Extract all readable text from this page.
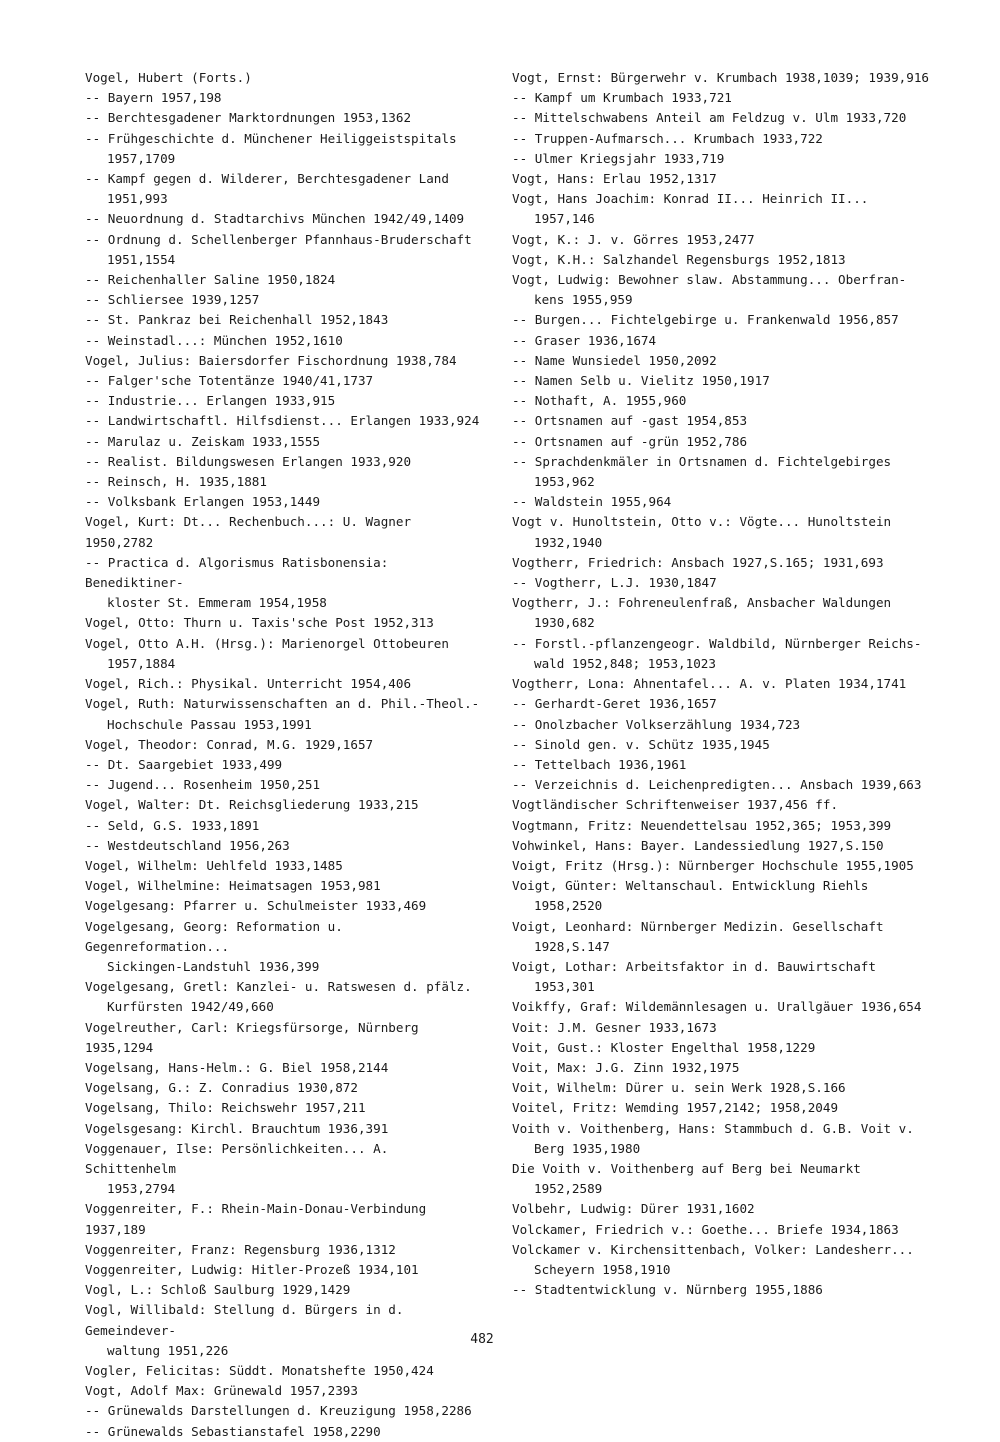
Vogel, Hubert (Forts.)
-- Bayern 1957,198
-- Berchtesgadener Marktordnungen 1953,1362
-- Frühgeschichte d. Münchener Heiliggeistspitals
1957,1709
-- Kampf gegen d. Wilderer, Berchtesgadener Land
1951,993
-- Neuordnung d. Stadtarchivs München 1942/49,1409
-- Ordnung d. Schellenberger Pfannhaus-Bruderschaft
1951,1554
-- Reichenhaller Saline 1950,1824
-- Schliersee 1939,1257
-- St. Pankraz bei Reichenhall 1952,1843
-- Weinstadl...: München 1952,1610
Vogel, Julius: Baiersdorfer Fischordnung 1938,784
-- Falger'sche Totentänze 1940/41,1737
-- Industrie... Erlangen 1933,915
-- Landwirtschaftl. Hilfsdienst... Erlangen 1933,924
-- Marulaz u. Zeiskam 1933,1555
-- Realist. Bildungswesen Erlangen 1933,920
-- Reinsch, H. 1935,1881
-- Volksbank Erlangen 1953,1449
Vogel, Kurt: Dt... Rechenbuch...: U. Wagner 1950,2782
-- Practica d. Algorismus Ratisbonensia: Benediktiner-
kloster St. Emmeram 1954,1958
Vogel, Otto: Thurn u. Taxis'sche Post 1952,313
Vogel, Otto A.H. (Hrsg.): Marienorgel Ottobeuren
1957,1884
Vogel, Rich.: Physikal. Unterricht 1954,406
Vogel, Ruth: Naturwissenschaften an d. Phil.-Theol.-
Hochschule Passau 1953,1991
Vogel, Theodor: Conrad, M.G. 1929,1657
-- Dt. Saargebiet 1933,499
-- Jugend... Rosenheim 1950,251
Vogel, Walter: Dt. Reichsgliederung 1933,215
-- Seld, G.S. 1933,1891
-- Westdeutschland 1956,263
Vogel, Wilhelm: Uehlfeld 1933,1485
Vogel, Wilhelmine: Heimatsagen 1953,981
Vogelgesang: Pfarrer u. Schulmeister 1933,469
Vogelgesang, Georg: Reformation u. Gegenreformation...
Sickingen-Landstuhl 1936,399
Vogelgesang, Gretl: Kanzlei- u. Ratswesen d. pfälz.
Kurfürsten 1942/49,660
Vogelreuther, Carl: Kriegsfürsorge, Nürnberg 1935,1294
Vogelsang, Hans-Helm.: G. Biel 1958,2144
Vogelsang, G.: Z. Conradius 1930,872
Vogelsang, Thilo: Reichswehr 1957,211
Vogelsgesang: Kirchl. Brauchtum 1936,391
Voggenauer, Ilse: Persönlichkeiten... A. Schittenhelm
1953,2794
Voggenreiter, F.: Rhein-Main-Donau-Verbindung 1937,189
Voggenreiter, Franz: Regensburg 1936,1312
Voggenreiter, Ludwig: Hitler-Prozeß 1934,101
Vogl, L.: Schloß Saulburg 1929,1429
Vogl, Willibald: Stellung d. Bürgers in d. Gemeindever-
waltung 1951,226
Vogler, Felicitas: Süddt. Monatshefte 1950,424
Vogt, Adolf Max: Grünewald 1957,2393
-- Grünewalds Darstellungen d. Kreuzigung 1958,2286
-- Grünewalds Sebastianstafel 1958,2290
Vogt, Ernst: Bürgerwehr v. Krumbach 1938,1039; 1939,916
-- Kampf um Krumbach 1933,721
-- Mittelschwabens Anteil am Feldzug v. Ulm 1933,720
-- Truppen-Aufmarsch... Krumbach 1933,722
-- Ulmer Kriegsjahr 1933,719
Vogt, Hans: Erlau 1952,1317
Vogt, Hans Joachim: Konrad II... Heinrich II...
1957,146
Vogt, K.: J. v. Görres 1953,2477
Vogt, K.H.: Salzhandel Regensburgs 1952,1813
Vogt, Ludwig: Bewohner slaw. Abstammung... Oberfran-
kens 1955,959
-- Burgen... Fichtelgebirge u. Frankenwald 1956,857
-- Graser 1936,1674
-- Name Wunsiedel 1950,2092
-- Namen Selb u. Vielitz 1950,1917
-- Nothaft, A. 1955,960
-- Ortsnamen auf -gast 1954,853
-- Ortsnamen auf -grün 1952,786
-- Sprachdenkmäler in Ortsnamen d. Fichtelgebirges
1953,962
-- Waldstein 1955,964
Vogt v. Hunoltstein, Otto v.: Vögte... Hunoltstein
1932,1940
Vogtherr, Friedrich: Ansbach 1927,S.165; 1931,693
-- Vogtherr, L.J. 1930,1847
Vogtherr, J.: Fohreneulenfraß, Ansbacher Waldungen
1930,682
-- Forstl.-pflanzengeogr. Waldbild, Nürnberger Reichs-
wald 1952,848; 1953,1023
Vogtherr, Lona: Ahnentafel... A. v. Platen 1934,1741
-- Gerhardt-Geret 1936,1657
-- Onolzbacher Volkserzählung 1934,723
-- Sinold gen. v. Schütz 1935,1945
-- Tettelbach 1936,1961
-- Verzeichnis d. Leichenpredigten... Ansbach 1939,663
Vogtländischer Schriftenweiser 1937,456 ff.
Vogtmann, Fritz: Neuendettelsau 1952,365; 1953,399
Vohwinkel, Hans: Bayer. Landessiedlung 1927,S.150
Voigt, Fritz (Hrsg.): Nürnberger Hochschule 1955,1905
Voigt, Günter: Weltanschaul. Entwicklung Riehls
1958,2520
Voigt, Leonhard: Nürnberger Medizin. Gesellschaft
1928,S.147
Voigt, Lothar: Arbeitsfaktor in d. Bauwirtschaft
1953,301
Voikffy, Graf: Wildemännlesagen u. Urallgäuer 1936,654
Voit: J.M. Gesner 1933,1673
Voit, Gust.: Kloster Engelthal 1958,1229
Voit, Max: J.G. Zinn 1932,1975
Voit, Wilhelm: Dürer u. sein Werk 1928,S.166
Voitel, Fritz: Wemding 1957,2142; 1958,2049
Voith v. Voithenberg, Hans: Stammbuch d. G.B. Voit v.
Berg 1935,1980
Die Voith v. Voithenberg auf Berg bei Neumarkt
1952,2589
Volbehr, Ludwig: Dürer 1931,1602
Volckamer, Friedrich v.: Goethe... Briefe 1934,1863
Volckamer v. Kirchensittenbach, Volker: Landesherr...
Scheyern 1958,1910
-- Stadtentwicklung v. Nürnberg 1955,1886
482
